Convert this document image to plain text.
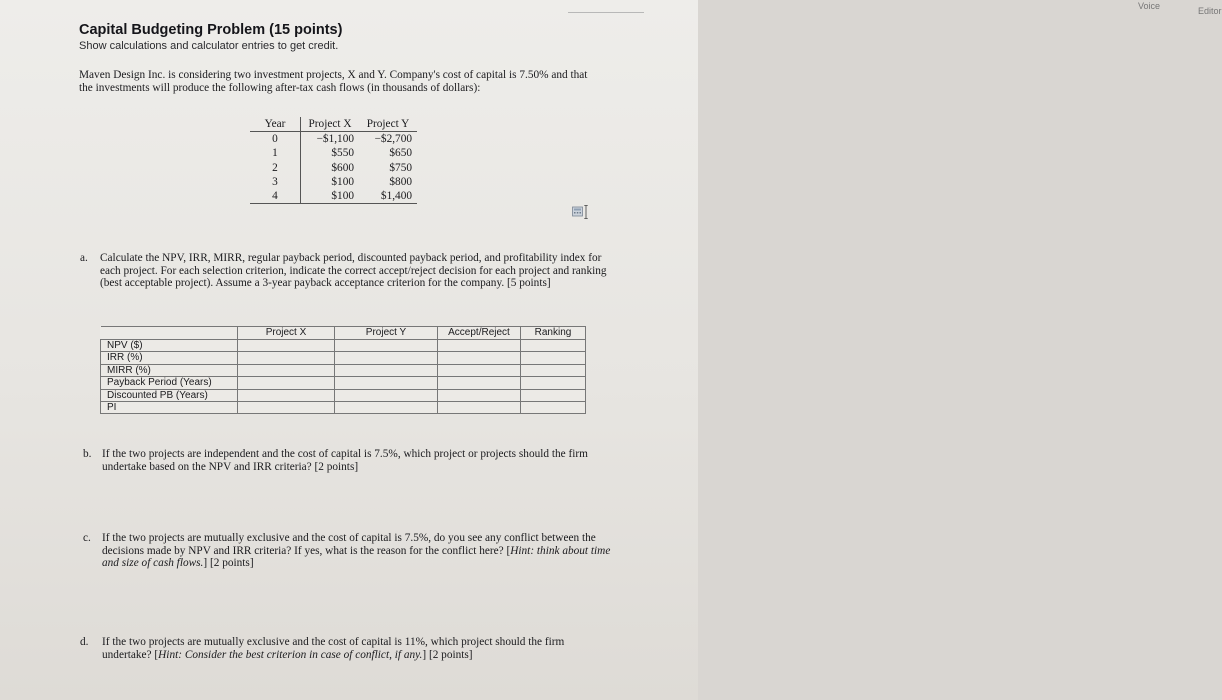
Voice	Editor
Capital Budgeting Problem (15 points)
Show calculations and calculator entries to get credit.
Maven Design Inc. is considering two investment projects, X and Y. Company's cost of capital is 7.50% and that the investments will produce the following after-tax cash flows (in thousands of dollars):
Year	Project X	Project Y
0	−$1,100	−$2,700
1	$550	$650
2	$600	$750
3	$100	$800
4	$100	$1,400
a. Calculate the NPV, IRR, MIRR, regular payback period, discounted payback period, and profitability index for each project. For each selection criterion, indicate the correct accept/reject decision for each project and ranking (best acceptable project). Assume a 3-year payback acceptance criterion for the company. [5 points]
	Project X	Project Y	Accept/Reject	Ranking
NPV ($)				
IRR (%)				
MIRR (%)				
Payback Period (Years)				
Discounted PB (Years)				
PI				
b. If the two projects are independent and the cost of capital is 7.5%, which project or projects should the firm undertake based on the NPV and IRR criteria? [2 points]
c. If the two projects are mutually exclusive and the cost of capital is 7.5%, do you see any conflict between the decisions made by NPV and IRR criteria? If yes, what is the reason for the conflict here? [Hint: think about time and size of cash flows.] [2 points]
d. If the two projects are mutually exclusive and the cost of capital is 11%, which project should the firm undertake? [Hint: Consider the best criterion in case of conflict, if any.] [2 points]
